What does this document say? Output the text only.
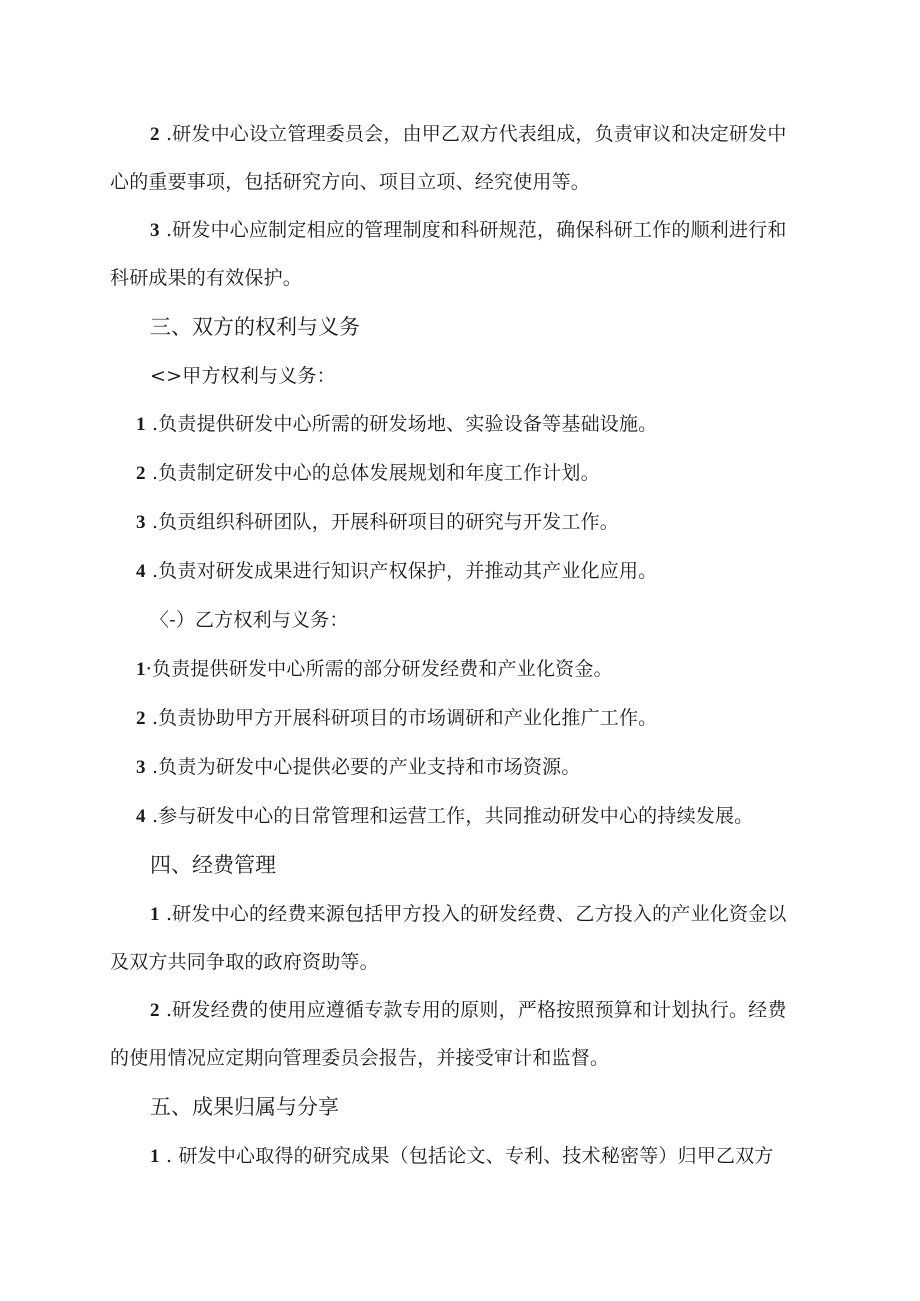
2 .研发中心设立管理委员会，由甲乙双方代表组成，负责审议和决定研发中
心的重要事项，包括研究方向、项目立项、经究使用等。
3 .研发中心应制定相应的管理制度和科研规范，确保科研工作的顺利进行和
科研成果的有效保护。
三、双方的权利与义务
<>甲方权利与义务：
1 .负责提供研发中心所需的研发场地、实验设备等基础设施。
2 .负责制定研发中心的总体发展规划和年度工作计划。
3 .负贡组织科研团队，开展科研项目的研究与开发工作。
4 .负责对研发成果进行知识产权保护，并推动其产业化应用。
〈-）乙方权利与义务：
1·负责提供研发中心所需的部分研发经费和产业化资金。
2 .负责协助甲方开展科研项目的市场调研和产业化推广工作。
3 .负责为研发中心提供必要的产业支持和市场资源。
4 .参与研发中心的日常管理和运营工作，共同推动研发中心的持续发展。
四、经费管理
1 .研发中心的经费来源包括甲方投入的研发经费、乙方投入的产业化资金以
及双方共同争取的政府资助等。
2 .研发经费的使用应遵循专款专用的原则，严格按照预算和计划执行。经费
的使用情况应定期向管理委员会报告，并接受审计和监督。
五、成果归属与分享
1 . 研发中心取得的研究成果（包括论文、专利、技术秘密等）归甲乙双方
